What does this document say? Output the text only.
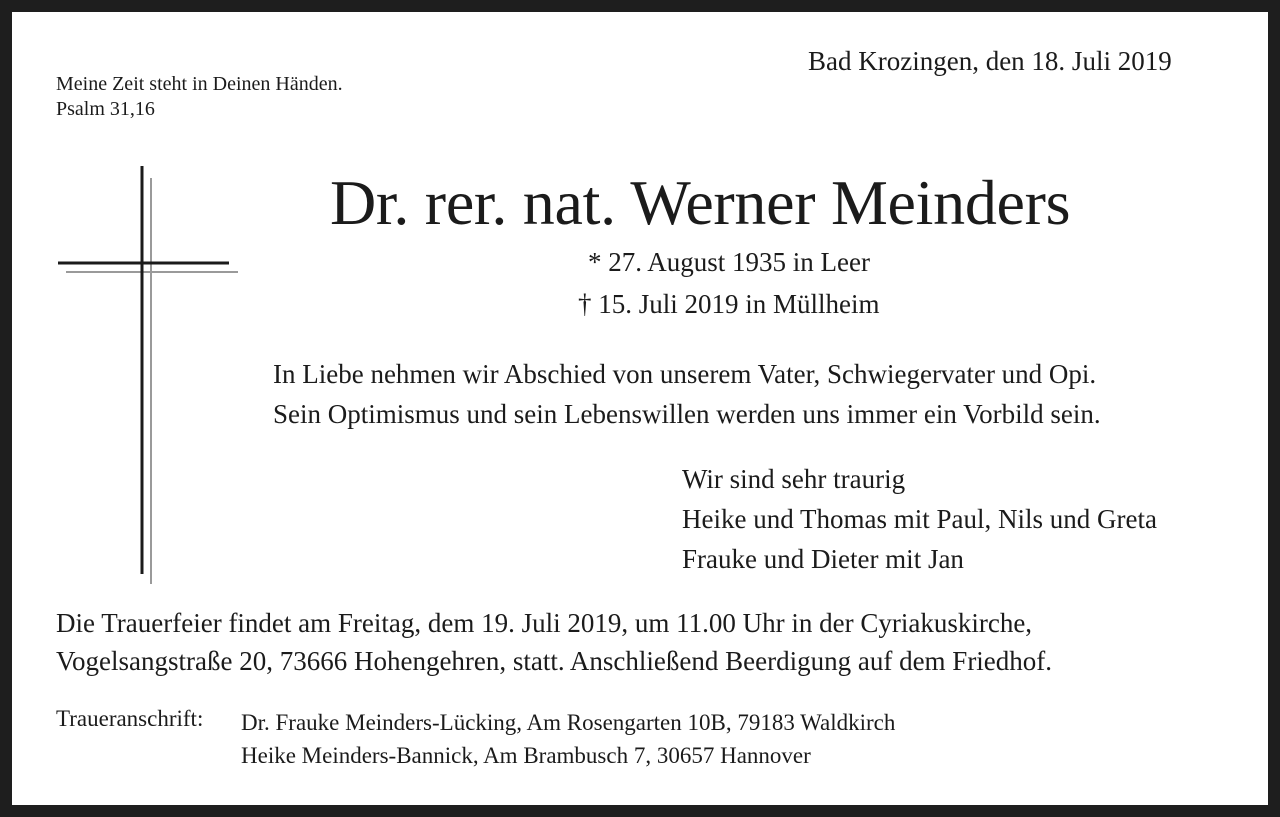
Bad Krozingen, den 18. Juli 2019
Meine Zeit steht in Deinen Händen.
Psalm 31,16
Dr. rer. nat. Werner Meinders
* 27. August 1935 in Leer
† 15. Juli 2019 in Müllheim
In Liebe nehmen wir Abschied von unserem Vater, Schwiegervater und Opi.
Sein Optimismus und sein Lebenswillen werden uns immer ein Vorbild sein.
Wir sind sehr traurig
Heike und Thomas mit Paul, Nils und Greta
Frauke und Dieter mit Jan
Die Trauerfeier findet am Freitag, dem 19. Juli 2019, um 11.00 Uhr in der Cyriakuskirche,
Vogelsangstraße 20, 73666 Hohengehren, statt. Anschließend Beerdigung auf dem Friedhof.
Traueranschrift: Dr. Frauke Meinders-Lücking, Am Rosengarten 10B, 79183 Waldkirch
Heike Meinders-Bannick, Am Brambusch 7, 30657 Hannover
